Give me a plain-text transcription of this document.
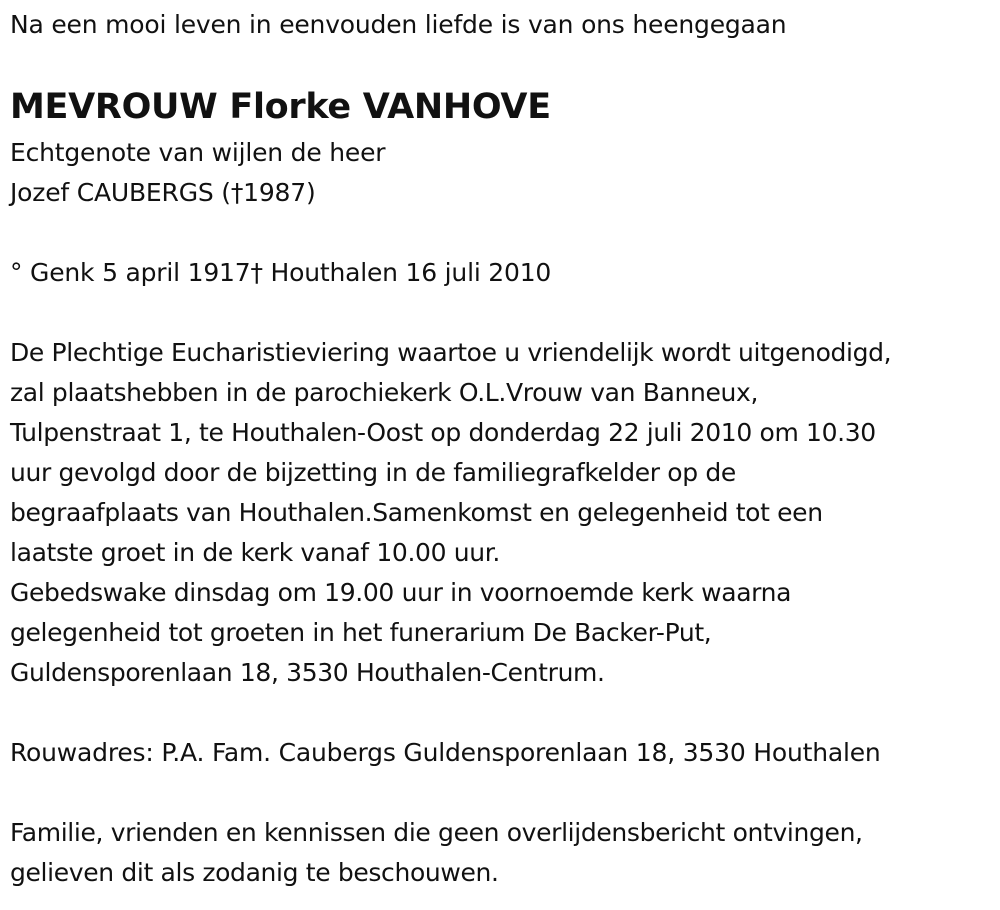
Na een mooi leven in eenvouden liefde is van ons heengegaan
MEVROUW Florke VANHOVE
Echtgenote van wijlen de heer
Jozef CAUBERGS (†1987)
° Genk 5 april 1917† Houthalen 16 juli 2010
De Plechtige Eucharistieviering waartoe u vriendelijk wordt uitgenodigd,
zal plaatshebben in de parochiekerk O.L.Vrouw van Banneux,
Tulpenstraat 1, te Houthalen-Oost op donderdag 22 juli 2010 om 10.30
uur gevolgd door de bijzetting in de familiegrafkelder op de
begraafplaats van Houthalen.Samenkomst en gelegenheid tot een
laatste groet in de kerk vanaf 10.00 uur.
Gebedswake dinsdag om 19.00 uur in voornoemde kerk waarna
gelegenheid tot groeten in het funerarium De Backer-Put,
Guldensporenlaan 18, 3530 Houthalen-Centrum.
Rouwadres: P.A. Fam. Caubergs Guldensporenlaan 18, 3530 Houthalen
Familie, vrienden en kennissen die geen overlijdensbericht ontvingen,
gelieven dit als zodanig te beschouwen.
